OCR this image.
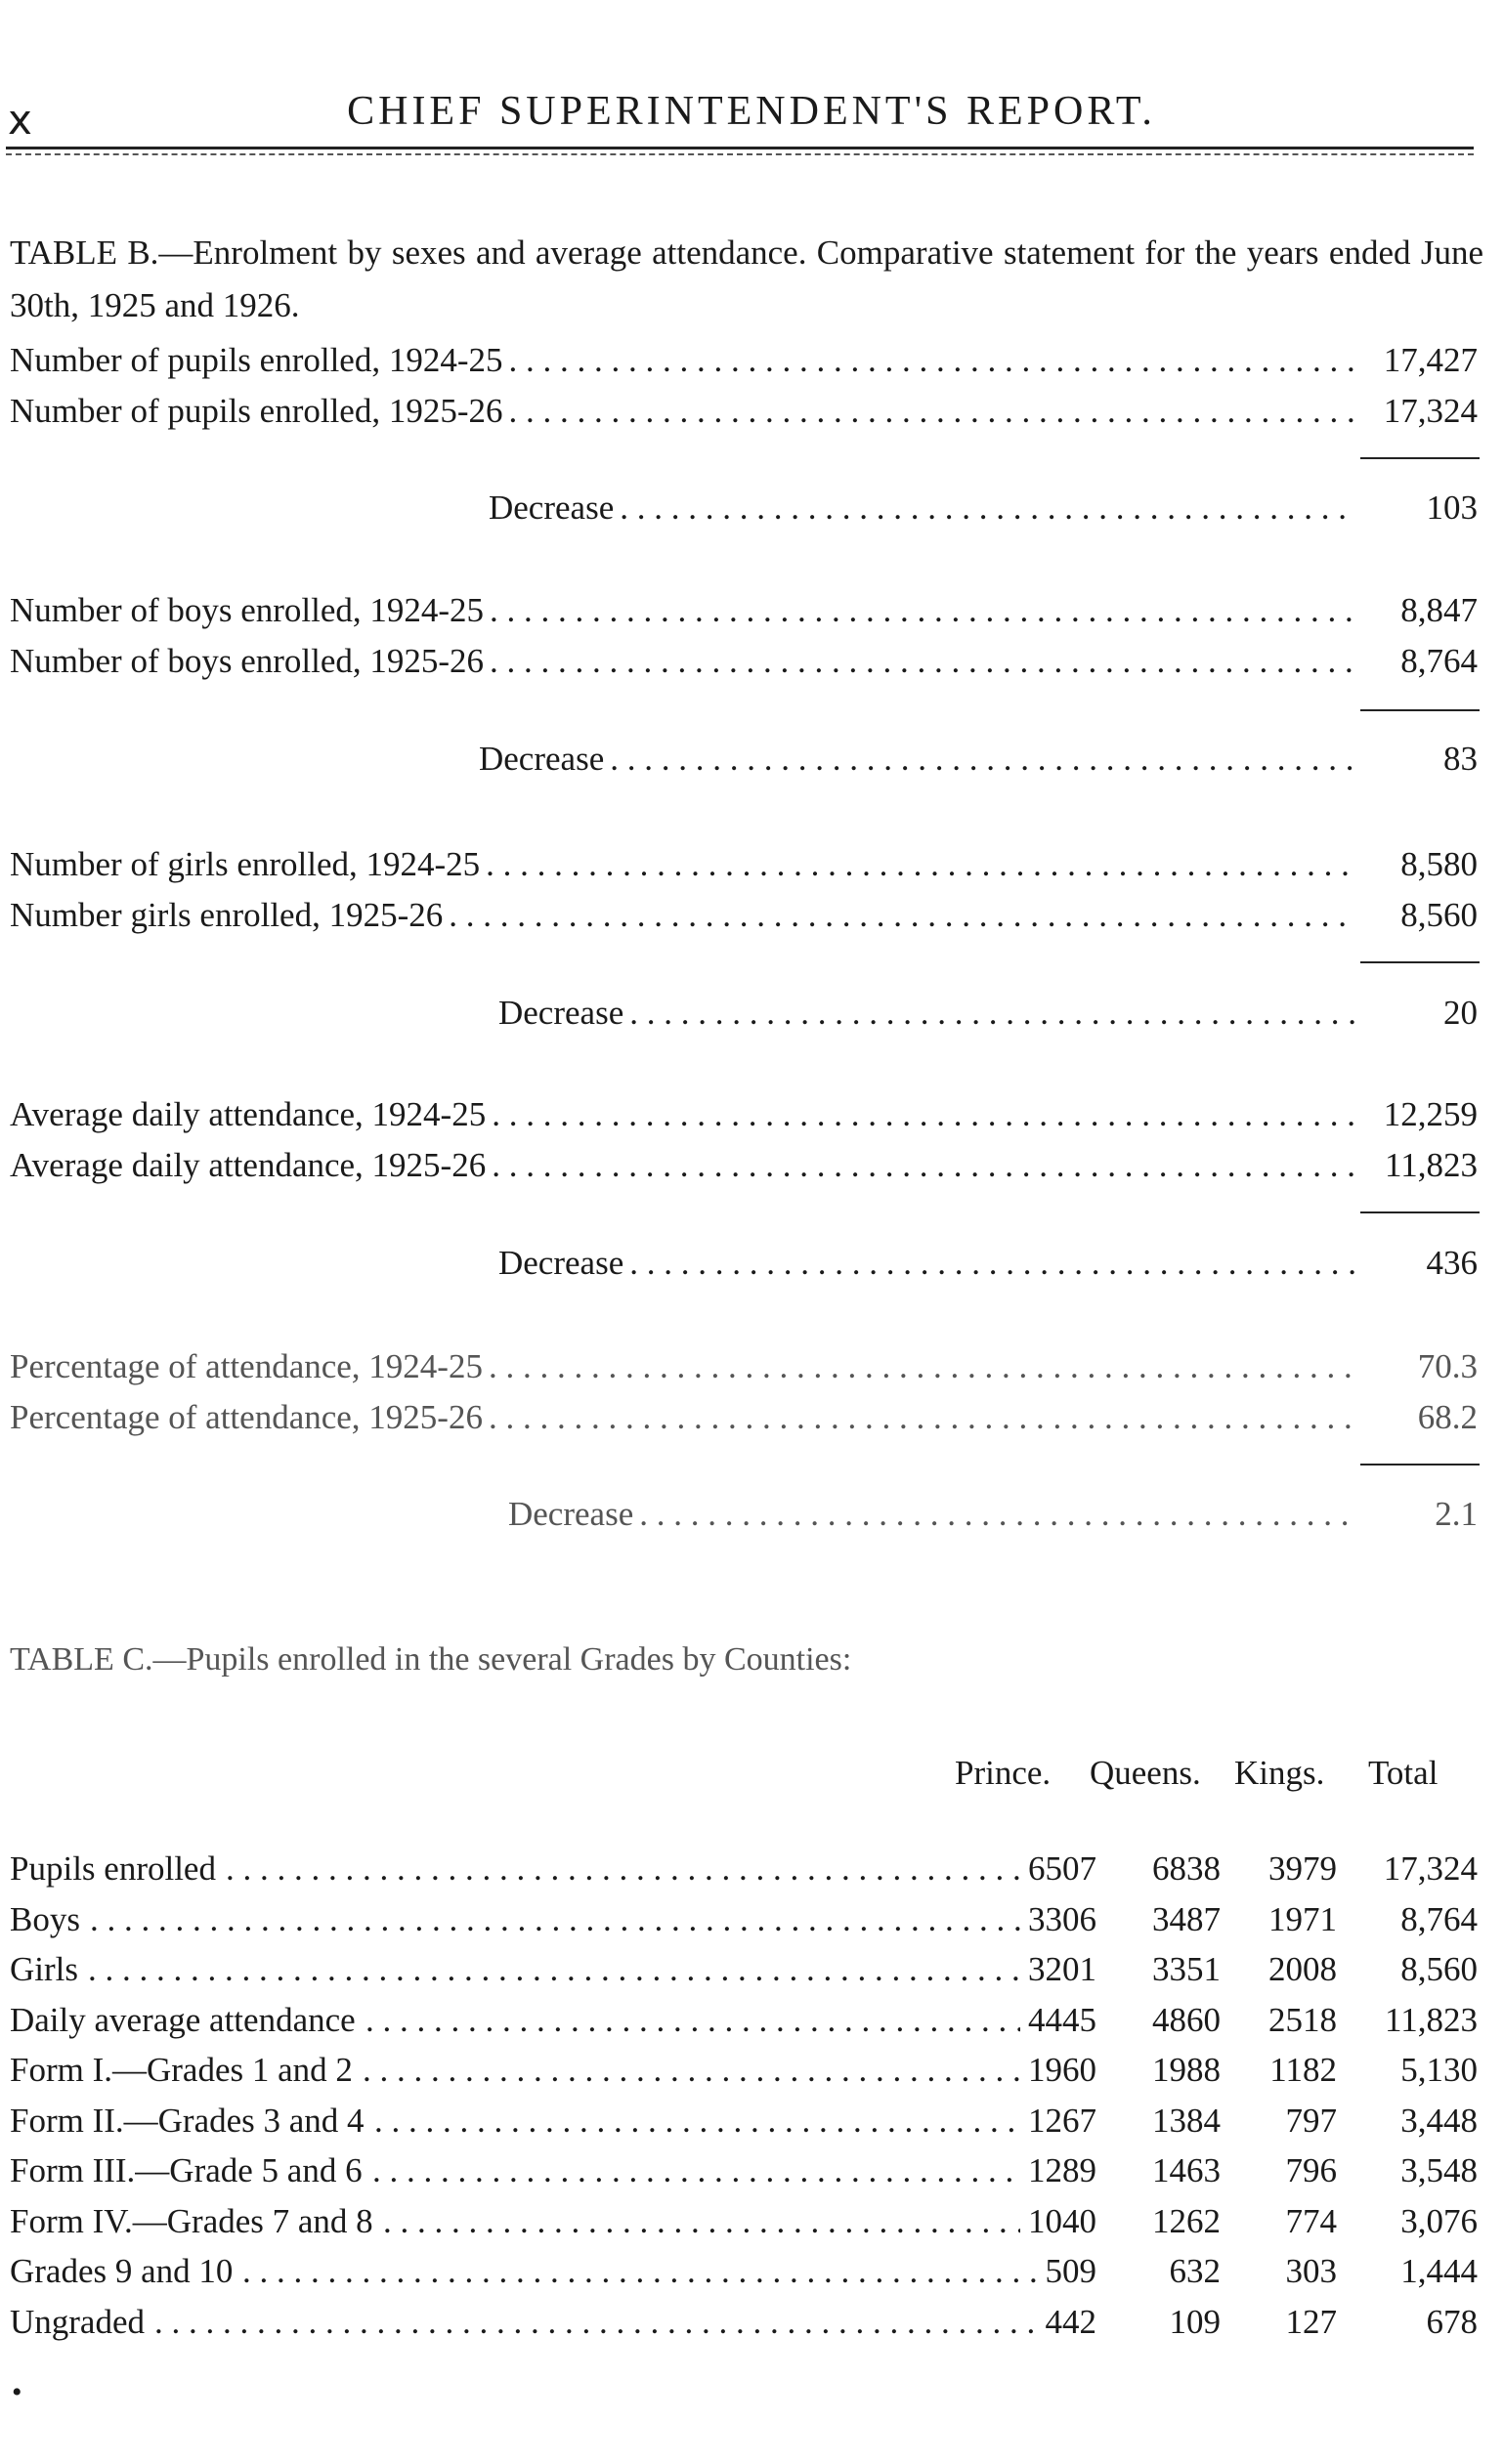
x	CHIEF SUPERINTENDENT'S REPORT.
TABLE B.—Enrolment by sexes and average attendance. Comparative statement for the years ended June 30th, 1925 and 1926.
Number of pupils enrolled, 1924-25 . . .	17,427
Number of pupils enrolled, 1925-26 . . .	17,324
Decrease . . .	103
Number of boys enrolled, 1924-25 . . .	8,847
Number of boys enrolled, 1925-26 . . .	8,764
Decrease . . .	83
Number of girls enrolled, 1924-25 . . .	8,580
Number girls enrolled, 1925-26 . . .	8,560
Decrease . . .	20
Average daily attendance, 1924-25 . . .	12,259
Average daily attendance, 1925-26 . . .	11,823
Decrease . . .	436
Percentage of attendance, 1924-25 . . .	70.3
Percentage of attendance, 1925-26 . . .	68.2
Decrease . . .	2.1
TABLE C.—Pupils enrolled in the several Grades by Counties:
Prince. Queens. Kings. Total
Pupils enrolled . . .	6507	6838	3979	17,324
Boys . . .	3306	3487	1971	8,764
Girls . . .	3201	3351	2008	8,560
Daily average attendance . . .	4445	4860	2518	11,823
Form I.—Grades 1 and 2 . . .	1960	1988	1182	5,130
Form II.—Grades 3 and 4 . . .	1267	1384	797	3,448
Form III.—Grade 5 and 6 . . .	1289	1463	796	3,548
Form IV.—Grades 7 and 8 . . .	1040	1262	774	3,076
Grades 9 and 10 . . .	509	632	303	1,444
Ungraded . . .	442	109	127	678
•
